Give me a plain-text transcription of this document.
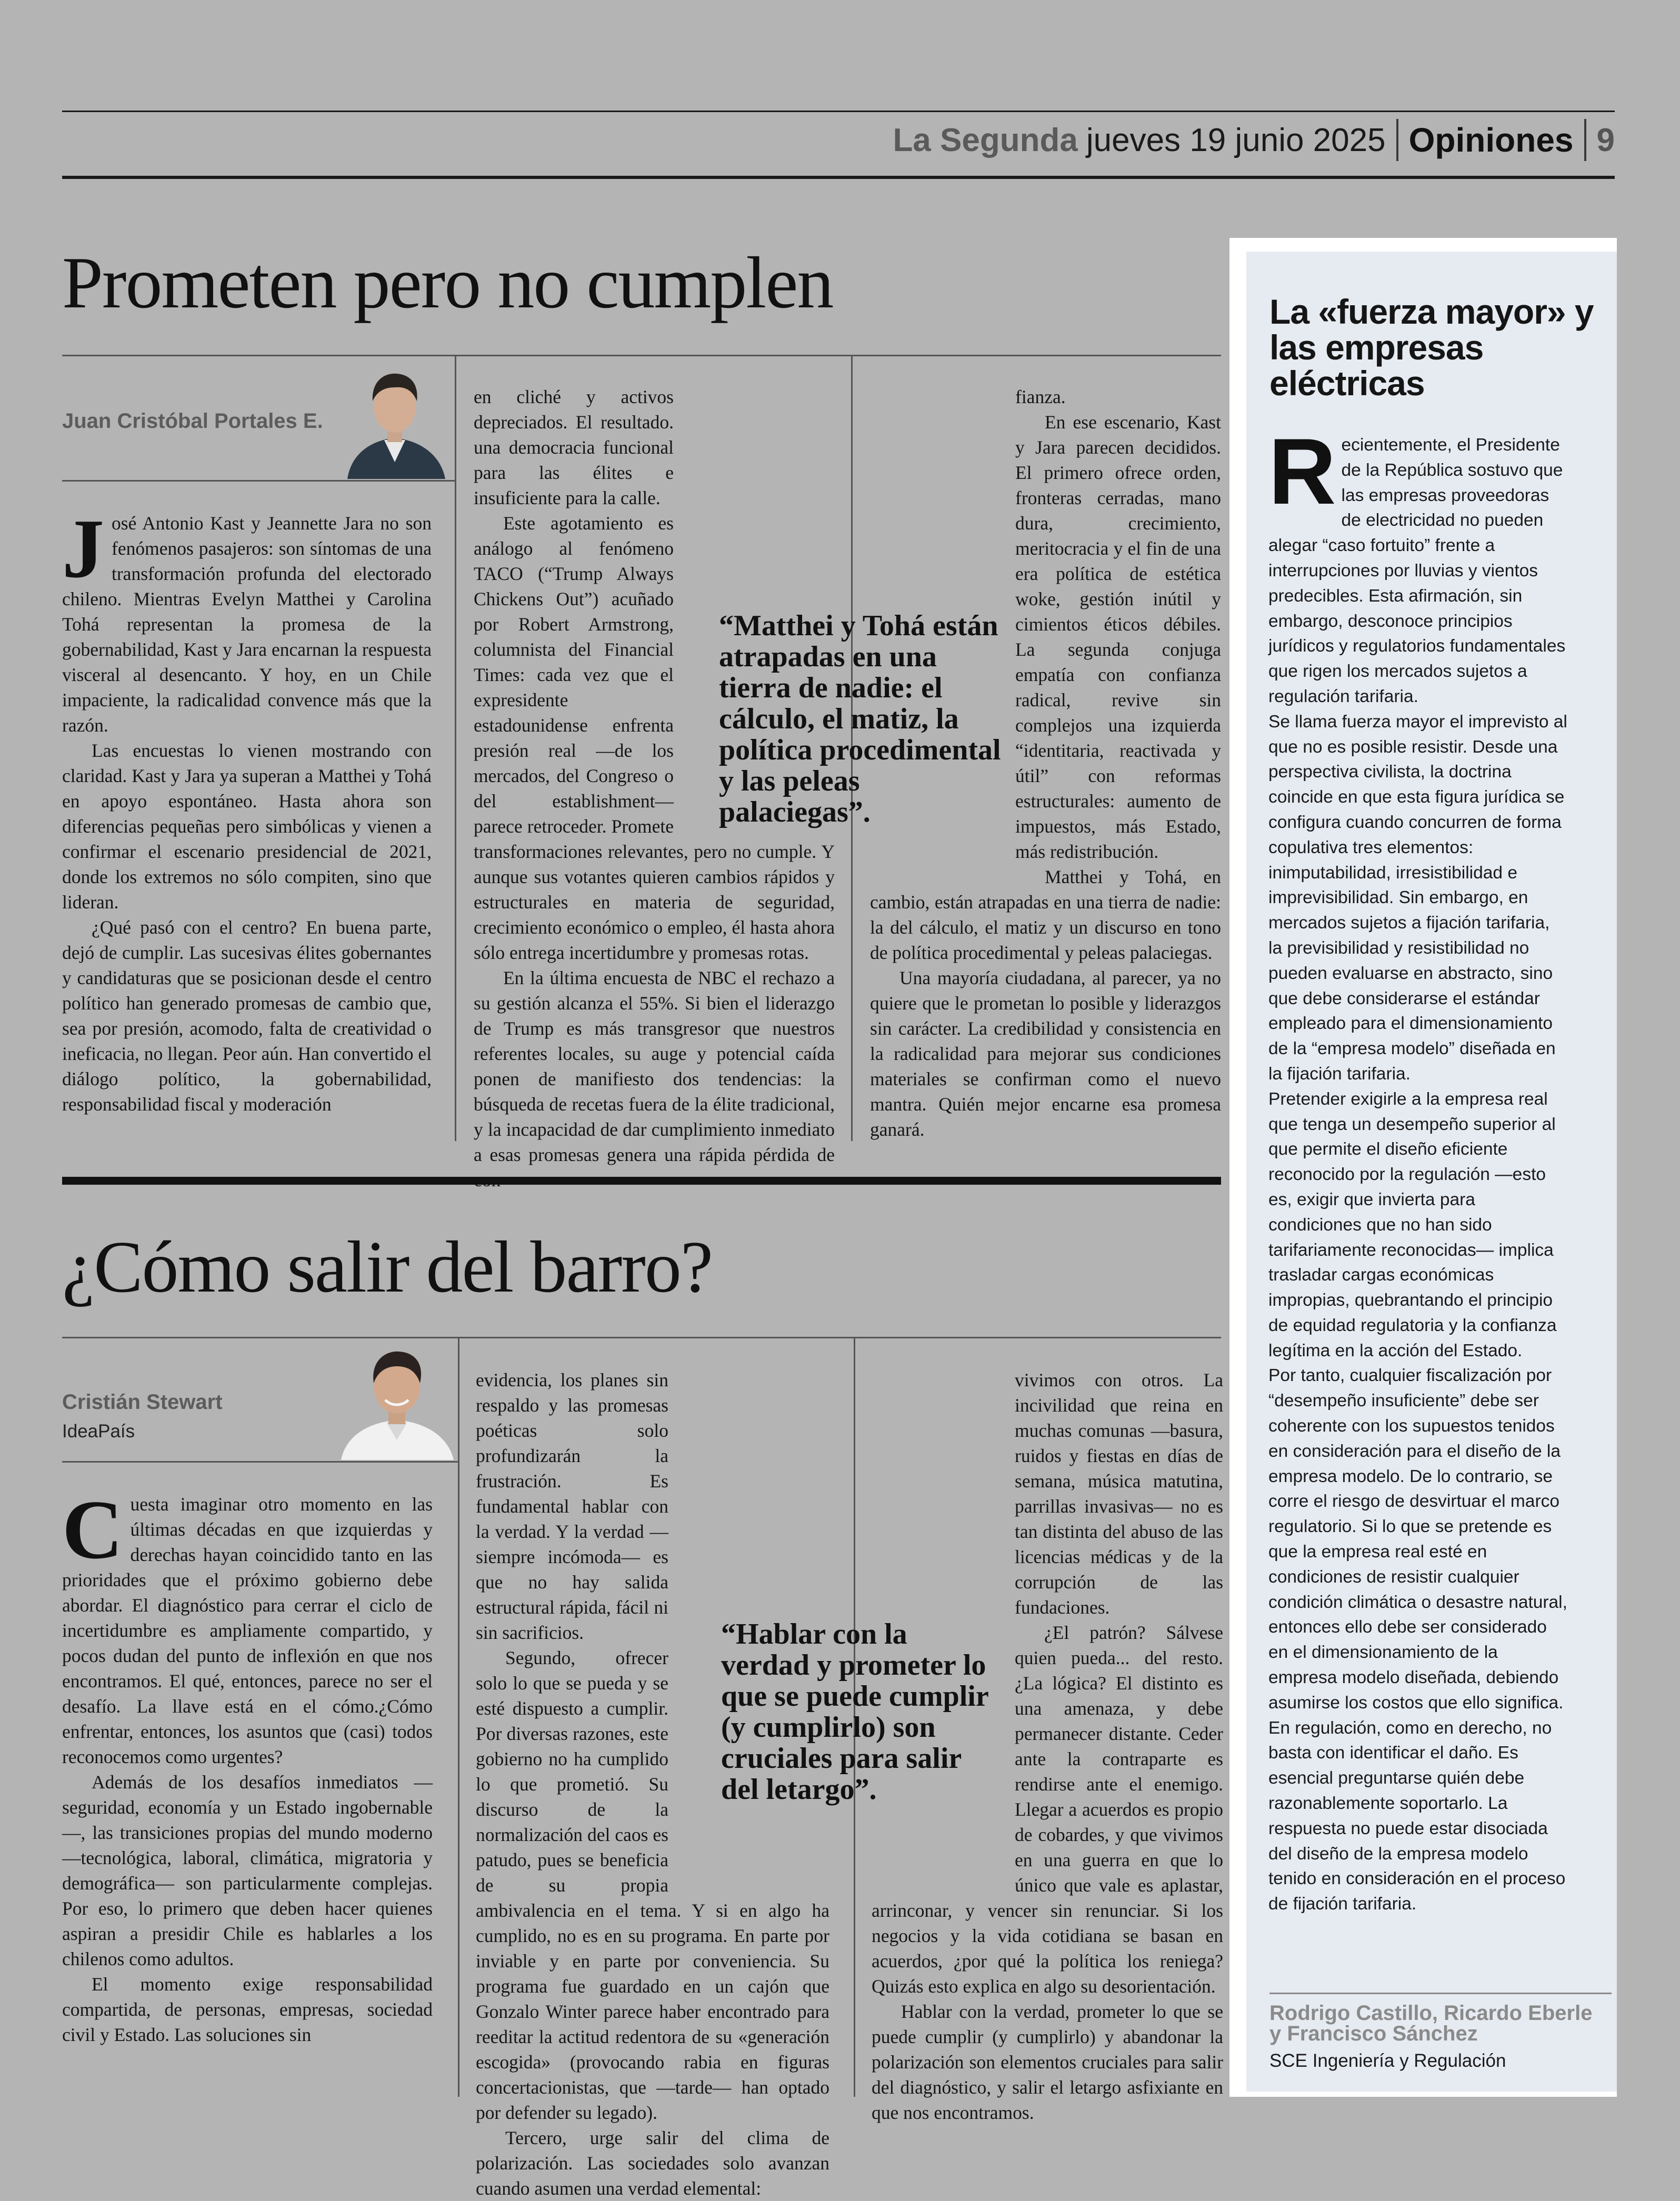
La Segunda jueves 19 junio 2025 Opiniones 9
Prometen pero no cumplen
Juan Cristóbal Portales E.
J osé Antonio Kast y Jeannette Jara no son fenómenos pasajeros: son síntomas de una transformación profunda del electorado chileno. Mientras Evelyn Matthei y Carolina Tohá representan la promesa de la gobernabilidad, Kast y Jara encarnan la respuesta visceral al desencanto. Y hoy, en un Chile impaciente, la radicalidad convence más que la razón.

Las encuestas lo vienen mostrando con claridad. Kast y Jara ya superan a Matthei y Tohá en apoyo espontáneo. Hasta ahora son diferencias pequeñas pero simbólicas y vienen a confirmar el escenario presidencial de 2021, donde los extremos no sólo compiten, sino que lideran.

¿Qué pasó con el centro? En buena parte, dejó de cumplir. Las sucesivas élites gobernantes y candidaturas que se posicionan desde el centro político han generado promesas de cambio que, sea por presión, acomodo, falta de creatividad o ineficacia, no llegan. Peor aún. Han convertido el diálogo político, la gobernabilidad, responsabilidad fiscal y moderación

en cliché y activos depreciados. El resultado. una democracia funcional para las élites e insuficiente para la calle.

Este agotamiento es análogo al fenómeno TACO (“Trump Always Chickens Out”) acuñado por Robert Armstrong, columnista del Financial Times: cada vez que el expresidente estadounidense enfrenta presión real —de los mercados, del Congreso o del establishment— parece retroceder. Promete transformaciones relevantes, pero no cumple. Y aunque sus votantes quieren cambios rápidos y estructurales en materia de seguridad, crecimiento económico o empleo, él hasta ahora sólo entrega incertidumbre y promesas rotas.

En la última encuesta de NBC el rechazo a su gestión alcanza el 55%. Si bien el liderazgo de Trump es más transgresor que nuestros referentes locales, su auge y potencial caída ponen de manifiesto dos tendencias: la búsqueda de recetas fuera de la élite tradicional, y la incapacidad de dar cumplimiento inmediato a esas promesas genera una rápida pérdida de

fianza.

En ese escenario, Kast y Jara parecen decididos. El primero ofrece orden, fronteras cerradas, mano dura, crecimiento, meritocracia y el fin de una era política de estética woke, gestión inútil y cimientos éticos débiles. La segunda conjuga empatía con confianza radical, revive sin complejos una izquierda “identitaria, reactivada y útil” con reformas estructurales: aumento de impuestos, más Estado, más redistribución.

Matthei y Tohá, en cambio, están atrapadas en una tierra de nadie: la del cálculo, el matiz y un discurso en tono de política procedimental y peleas palaciegas.

Una mayoría ciudadana, al parecer, ya no quiere que le prometan lo posible y liderazgos sin carácter. La credibilidad y consistencia en la radicalidad para mejorar sus condiciones materiales se confirman como el nuevo mantra. Quién mejor encarne esa promesa ganará.

“Matthei y Tohá están atrapadas en una tierra de nadie: el cálculo, el matiz, la política procedimental y las peleas palaciegas”.
¿Cómo salir del barro?
Cristián Stewart
IdeaPaís
C uesta imaginar otro momento en las últimas décadas en que izquierdas y derechas hayan coincidido tanto en las prioridades que el próximo gobierno debe abordar. El diagnóstico para cerrar el ciclo de incertidumbre es ampliamente compartido, y pocos dudan del punto de inflexión en que nos encontramos. El qué, entonces, parece no ser el desafío. La llave está en el cómo.¿Cómo enfrentar, entonces, los asuntos que (casi) todos reconocemos como urgentes?

Además de los desafíos inmediatos —seguridad, economía y un Estado ingobernable—, las transiciones propias del mundo moderno —tecnológica, laboral, climática, migratoria y demográfica— son particularmente complejas. Por eso, lo primero que deben hacer quienes aspiran a presidir Chile es hablarles a los chilenos como adultos.

El momento exige responsabilidad compartida, de personas, empresas, sociedad civil y Estado. Las soluciones sin

evidencia, los planes sin respaldo y las promesas poéticas solo profundizarán la frustración. Es fundamental hablar con la verdad. Y la verdad —siempre incómoda— es que no hay salida estructural rápida, fácil ni sin sacrificios.

Segundo, ofrecer solo lo que se pueda y se esté dispuesto a cumplir. Por diversas razones, este gobierno no ha cumplido lo que prometió. Su discurso de la normalización del caos es patudo, pues se beneficia de su propia ambivalencia en el tema. Y si en algo ha cumplido, no es en su programa. En parte por inviable y en parte por conveniencia. Su programa fue guardado en un cajón que Gonzalo Winter parece haber encontrado para reeditar la actitud redentora de su «generación escogida» (provocando rabia en figuras concertacionistas, que —tarde— han optado por defender su legado).

Tercero, urge salir del clima de polarización. Las sociedades solo avanzan cuando asumen una verdad elemental:

vivimos con otros. La incivilidad que reina en muchas comunas —basura, ruidos y fiestas en días de semana, música matutina, parrillas invasivas— no es tan distinta del abuso de las licencias médicas y de la corrupción de las fundaciones.

¿El patrón? Sálvese quien pueda... del resto. ¿La lógica? El distinto es una amenaza, y debe permanecer distante. Ceder ante la contraparte es rendirse ante el enemigo. Llegar a acuerdos es propio de cobardes, y que vivimos en una guerra en que lo único que vale es aplastar, arrinconar, y vencer sin renunciar. Si los negocios y la vida cotidiana se basan en acuerdos, ¿por qué la política los reniega? Quizás esto explica en algo su desorientación.

Hablar con la verdad, prometer lo que se puede cumplir (y cumplirlo) y abandonar la polarización son elementos cruciales para salir del diagnóstico, y salir el letargo asfixiante en que nos encontramos.

“Hablar con la verdad y prometer lo que se puede cumplir (y cumplirlo) son cruciales para salir del letargo”.
La «fuerza mayor» y las empresas eléctricas
R ecientemente, el Presidente de la República sostuvo que las empresas proveedoras de electricidad no pueden alegar “caso fortuito” frente a interrupciones por lluvias y vientos predecibles. Esta afirmación, sin embargo, desconoce principios jurídicos y regulatorios fundamentales que rigen los mercados sujetos a regulación tarifaria.

Se llama fuerza mayor el imprevisto al que no es posible resistir. Desde una perspectiva civilista, la doctrina coincide en que esta figura jurídica se configura cuando concurren de forma copulativa tres elementos: inimputabilidad, irresistibilidad e imprevisibilidad. Sin embargo, en mercados sujetos a fijación tarifaria, la previsibilidad y resistibilidad no pueden evaluarse en abstracto, sino que debe considerarse el estándar empleado para el dimensionamiento de la “empresa modelo” diseñada en la fijación tarifaria.

Pretender exigirle a la empresa real que tenga un desempeño superior al que permite el diseño eficiente reconocido por la regulación —esto es, exigir que invierta para condiciones que no han sido tarifariamente reconocidas— implica trasladar cargas económicas impropias, quebrantando el principio de equidad regulatoria y la confianza legítima en la acción del Estado.

Por tanto, cualquier fiscalización por “desempeño insuficiente” debe ser coherente con los supuestos tenidos en consideración para el diseño de la empresa modelo. De lo contrario, se corre el riesgo de desvirtuar el marco regulatorio. Si lo que se pretende es que la empresa real esté en condiciones de resistir cualquier condición climática o desastre natural, entonces ello debe ser considerado en el dimensionamiento de la empresa modelo diseñada, debiendo asumirse los costos que ello significa.

En regulación, como en derecho, no basta con identificar el daño. Es esencial preguntarse quién debe razonablemente soportarlo. La respuesta no puede estar disociada del diseño de la empresa modelo tenido en consideración en el proceso de fijación tarifaria.

Rodrigo Castillo, Ricardo Eberle y Francisco Sánchez
SCE Ingeniería y Regulación
